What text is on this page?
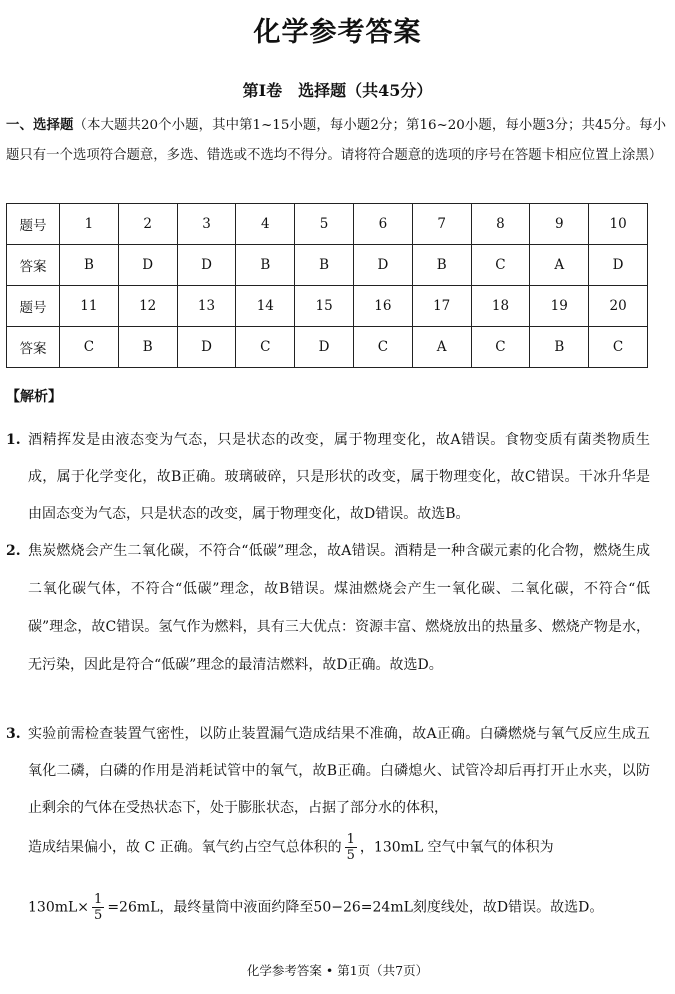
化学参考答案
第Ⅰ卷　选择题（共45分）
一、选择题（本大题共20个小题，其中第1~15小题，每小题2分；第16~20小题，每小题3分；共45分。每小题只有一个选项符合题意，多选、错选或不选均不得分。请将符合题意的选项的序号在答题卡相应位置上涂黑）
题号	1	2	3	4	5	6	7	8	9	10
答案	B	D	D	B	B	D	B	C	A	D
题号	11	12	13	14	15	16	17	18	19	20
答案	C	B	D	C	D	C	A	C	B	C
【解析】
1. 酒精挥发是由液态变为气态，只是状态的改变，属于物理变化，故A错误。食物变质有菌类物质生成，属于化学变化，故B正确。玻璃破碎，只是形状的改变，属于物理变化，故C错误。干冰升华是由固态变为气态，只是状态的改变，属于物理变化，故D错误。故选B。
2. 焦炭燃烧会产生二氧化碳，不符合“低碳”理念，故A错误。酒精是一种含碳元素的化合物，燃烧生成二氧化碳气体，不符合“低碳”理念，故B错误。煤油燃烧会产生一氧化碳、二氧化碳，不符合“低碳”理念，故C错误。氢气作为燃料，具有三大优点：资源丰富、燃烧放出的热量多、燃烧产物是水，无污染，因此是符合“低碳”理念的最清洁燃料，故D正确。故选D。
3. 实验前需检查装置气密性，以防止装置漏气造成结果不准确，故A正确。白磷燃烧与氧气反应生成五氧化二磷，白磷的作用是消耗试管中的氧气，故B正确。白磷熄火、试管冷却后再打开止水夹，以防止剩余的气体在受热状态下，处于膨胀状态，占据了部分水的体积，
造成结果偏小，故 C 正确。氧气约占空气总体积的 $\frac{1}{5}$ ，130mL 空气中氧气的体积为
$130mL\times \frac{1}{5} =26mL$，最终量筒中液面约降至50−26=24mL刻度线处，故D错误。故选D。
化学参考答案 • 第1页（共7页）
